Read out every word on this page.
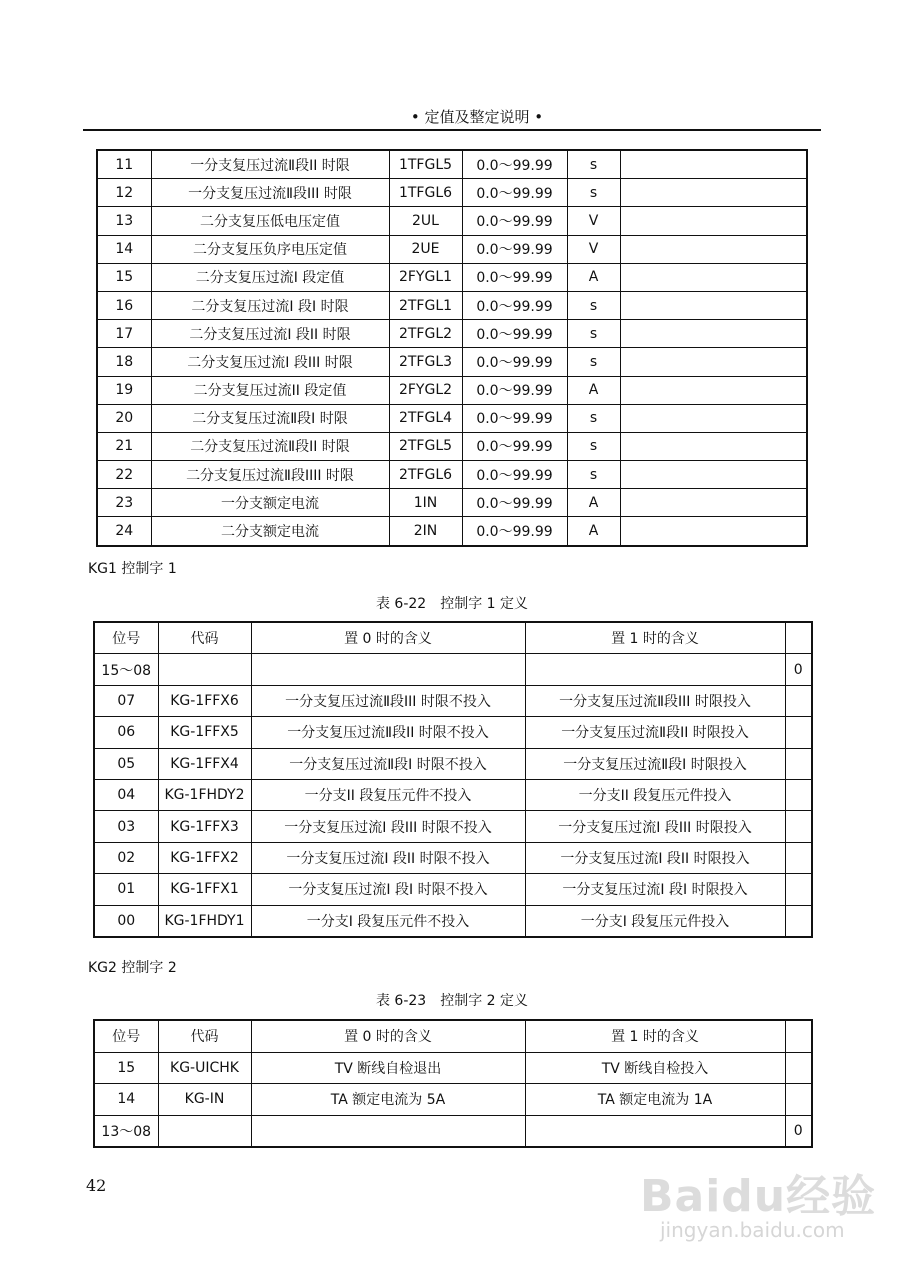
• 定值及整定说明 •
11	一分支复压过流Ⅱ段II 时限	1TFGL5	0.0～99.99	s	
12	一分支复压过流Ⅱ段III 时限	1TFGL6	0.0～99.99	s	
13	二分支复压低电压定值	2UL	0.0～99.99	V	
14	二分支复压负序电压定值	2UE	0.0～99.99	V	
15	二分支复压过流I 段定值	2FYGL1	0.0～99.99	A	
16	二分支复压过流I 段I 时限	2TFGL1	0.0～99.99	s	
17	二分支复压过流I 段II 时限	2TFGL2	0.0～99.99	s	
18	二分支复压过流I 段III 时限	2TFGL3	0.0～99.99	s	
19	二分支复压过流II 段定值	2FYGL2	0.0～99.99	A	
20	二分支复压过流Ⅱ段I 时限	2TFGL4	0.0～99.99	s	
21	二分支复压过流Ⅱ段II 时限	2TFGL5	0.0～99.99	s	
22	二分支复压过流Ⅱ段IIII 时限	2TFGL6	0.0～99.99	s	
23	一分支额定电流	1IN	0.0～99.99	A	
24	二分支额定电流	2IN	0.0～99.99	A	
KG1 控制字 1
表 6-22　控制字 1 定义
位号	代码	置 0 时的含义	置 1 时的含义	
15～08				0
07	KG-1FFX6	一分支复压过流Ⅱ段III 时限不投入	一分支复压过流Ⅱ段III 时限投入	
06	KG-1FFX5	一分支复压过流Ⅱ段II 时限不投入	一分支复压过流Ⅱ段II 时限投入	
05	KG-1FFX4	一分支复压过流Ⅱ段I 时限不投入	一分支复压过流Ⅱ段I 时限投入	
04	KG-1FHDY2	一分支II 段复压元件不投入	一分支II 段复压元件投入	
03	KG-1FFX3	一分支复压过流I 段III 时限不投入	一分支复压过流I 段III 时限投入	
02	KG-1FFX2	一分支复压过流I 段II 时限不投入	一分支复压过流I 段II 时限投入	
01	KG-1FFX1	一分支复压过流I 段I 时限不投入	一分支复压过流I 段I 时限投入	
00	KG-1FHDY1	一分支I 段复压元件不投入	一分支I 段复压元件投入	
KG2 控制字 2
表 6-23　控制字 2 定义
位号	代码	置 0 时的含义	置 1 时的含义	
15	KG-UICHK	TV 断线自检退出	TV 断线自检投入	
14	KG-IN	TA 额定电流为 5A	TA 额定电流为 1A	
13～08				0
42	Baidu经验
jingyan.baidu.com
